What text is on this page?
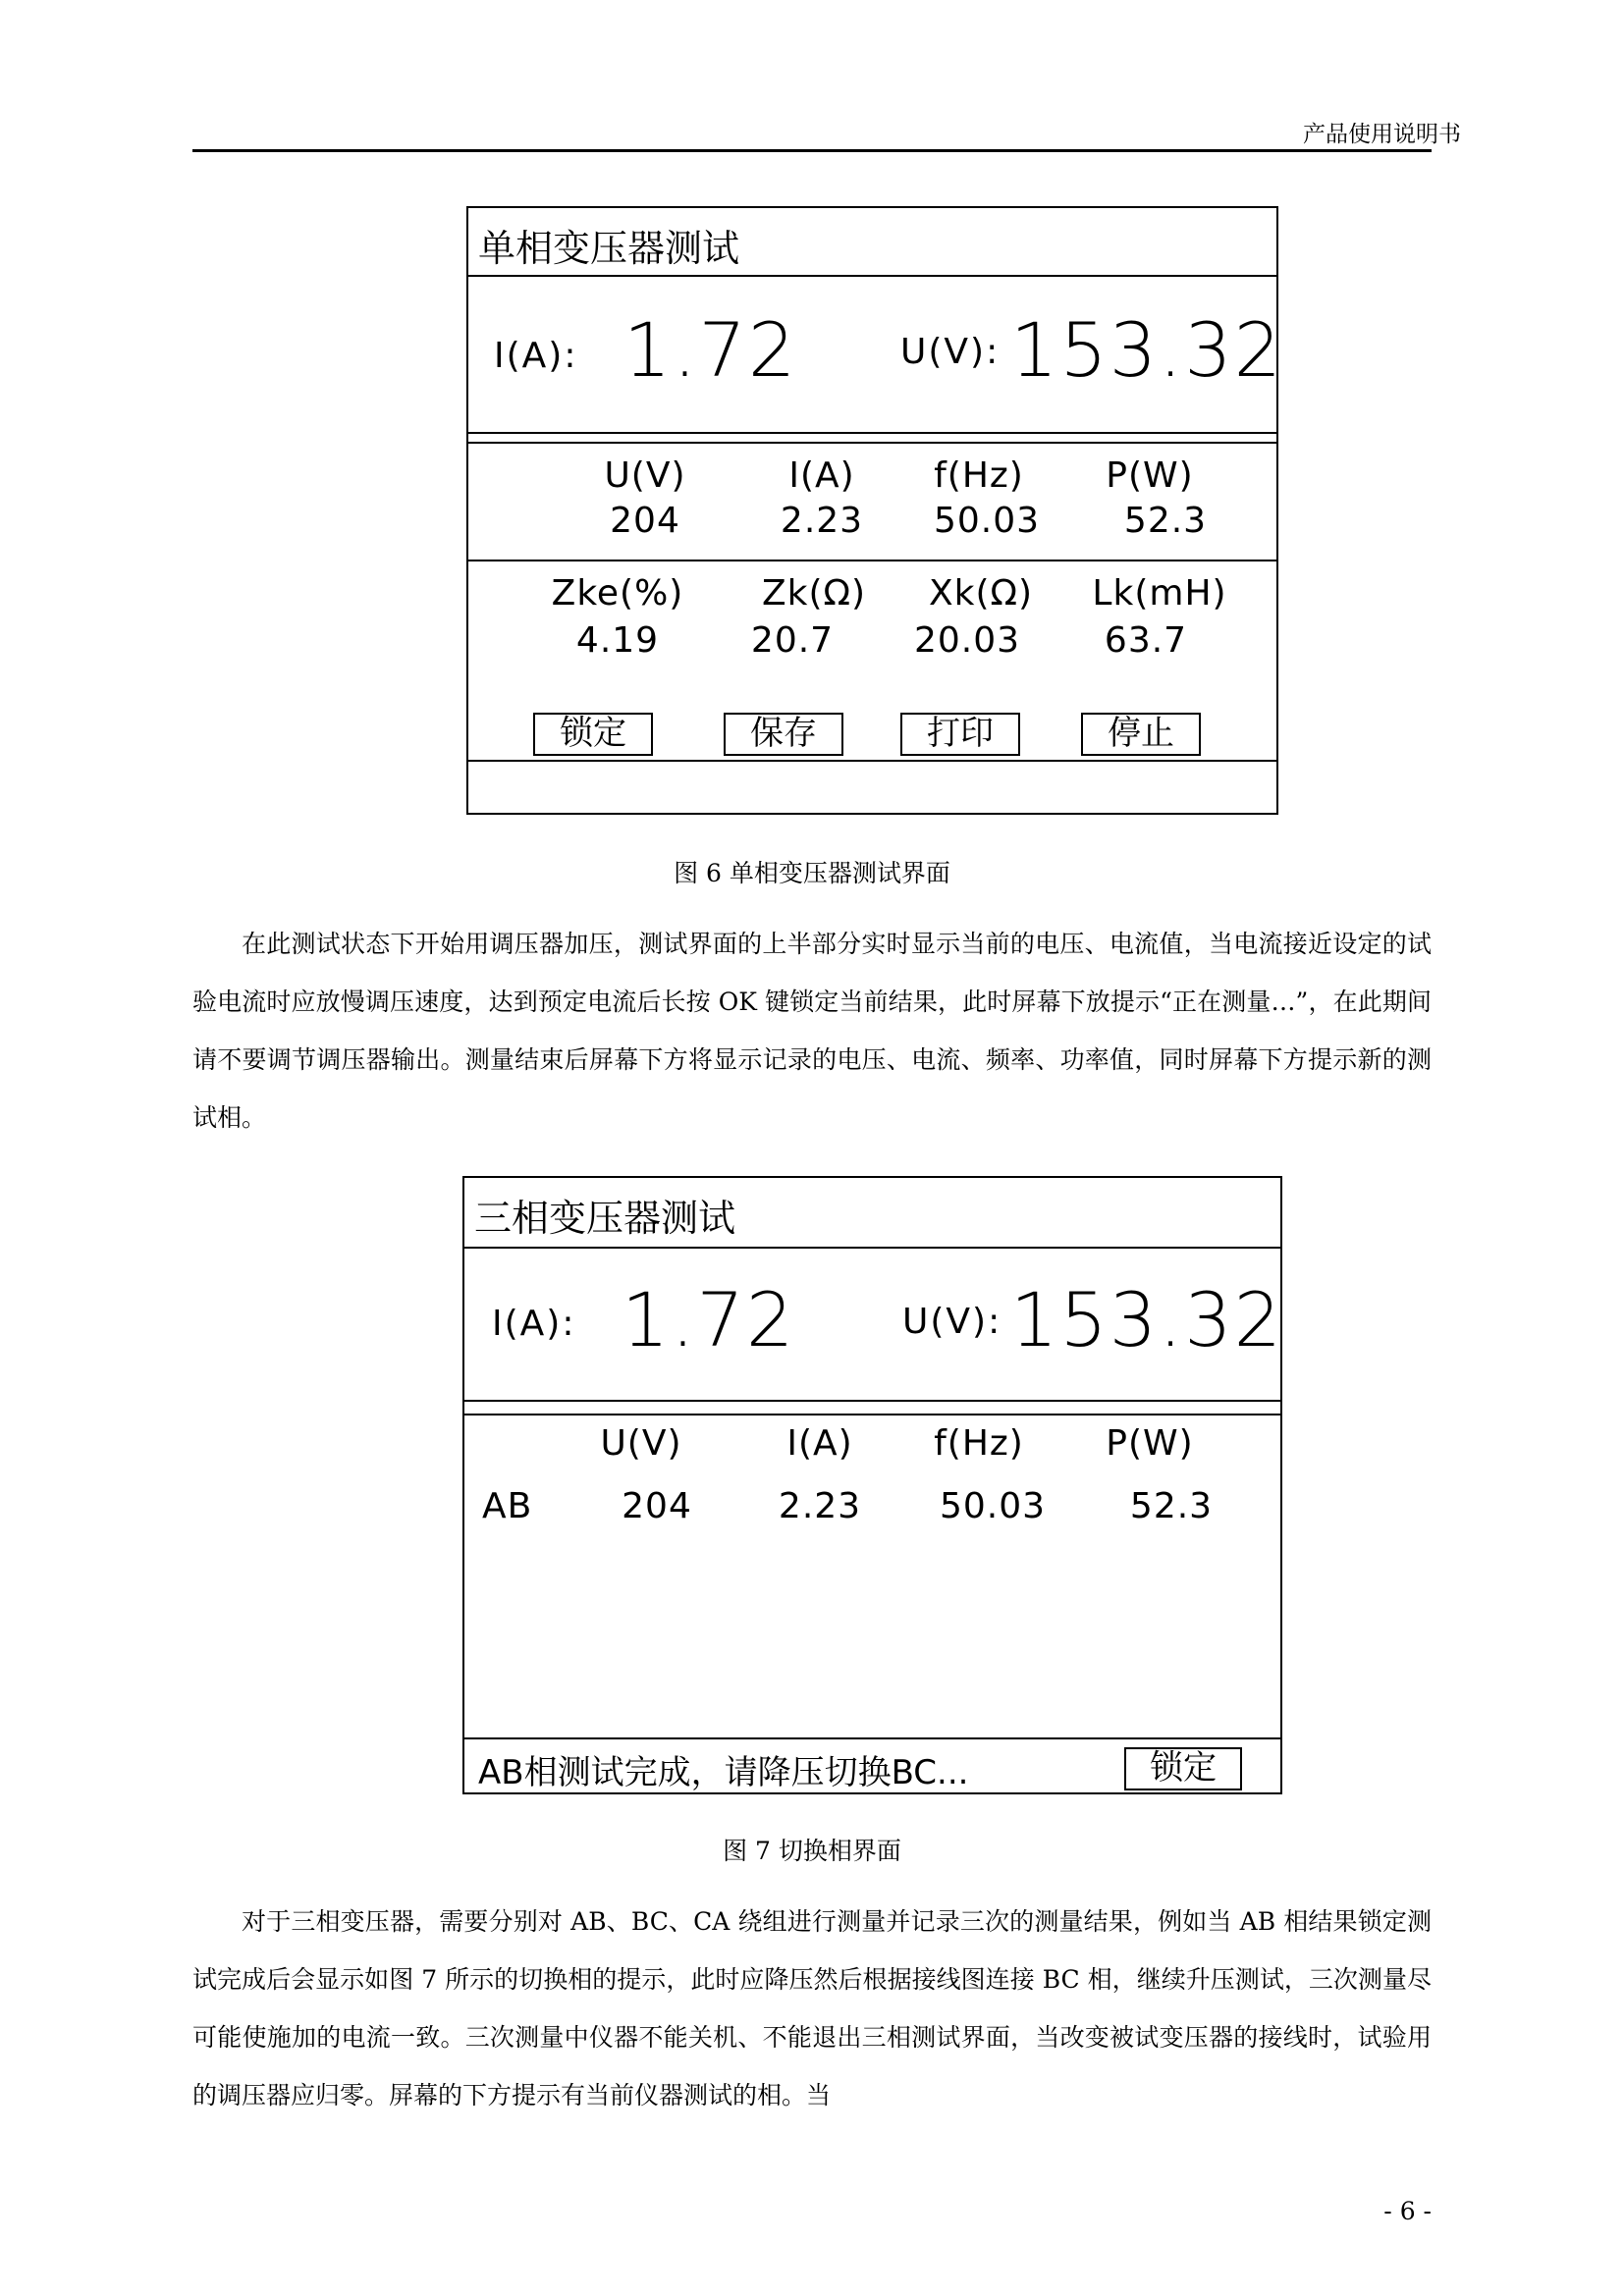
产品使用说明书
单相变压器测试
I(A): 1.72	U(V): 153.32
U(V)	I(A)	f(Hz)	P(W)
204	2.23	50.03	52.3
Zke(%)	Zk(Ω)	Xk(Ω)	Lk(mH)
4.19	20.7	20.03	63.7
锁定	保存	打印	停止
图 6 单相变压器测试界面
在此测试状态下开始用调压器加压，测试界面的上半部分实时显示当前的电压、电流值，当电流接近设定的试验电流时应放慢调压速度，达到预定电流后长按 OK 键锁定当前结果，此时屏幕下放提示“正在测量…”，在此期间请不要调节调压器输出。测量结束后屏幕下方将显示记录的电压、电流、频率、功率值，同时屏幕下方提示新的测试相。
三相变压器测试
I(A): 1.72	U(V): 153.32
U(V)	I(A)	f(Hz)	P(W)
AB	204	2.23	50.03	52.3
AB相测试完成，请降压切换BC...	锁定
图 7 切换相界面
对于三相变压器，需要分别对 AB、BC、CA 绕组进行测量并记录三次的测量结果，例如当 AB 相结果锁定测试完成后会显示如图 7 所示的切换相的提示，此时应降压然后根据接线图连接 BC 相，继续升压测试，三次测量尽可能使施加的电流一致。三次测量中仪器不能关机、不能退出三相测试界面，当改变被试变压器的接线时，试验用的调压器应归零。屏幕的下方提示有当前仪器测试的相。当
- 6 -
